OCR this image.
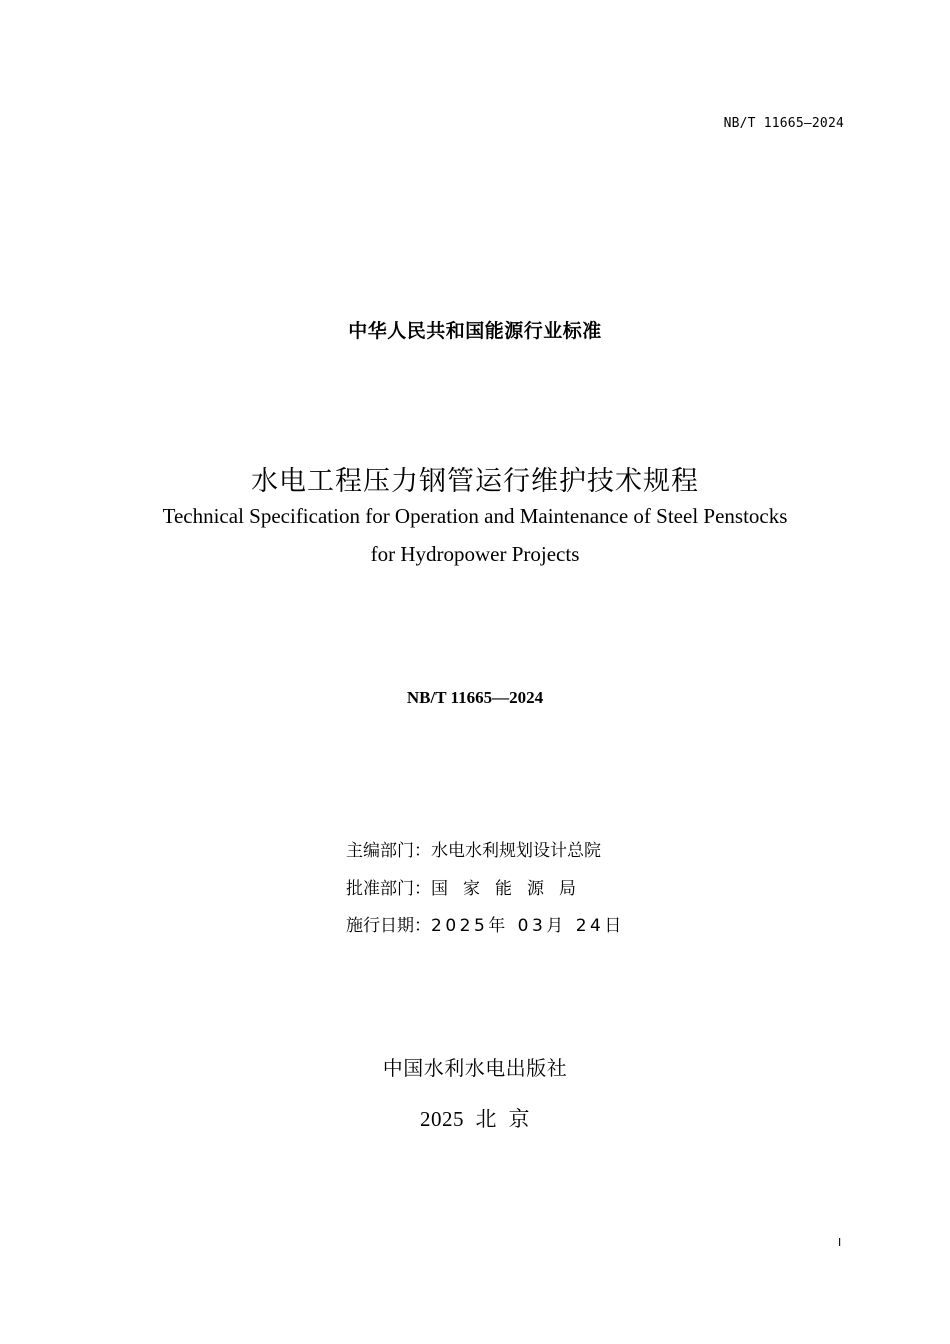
NB/T 11665—2024
中华人民共和国能源行业标准
水电工程压力钢管运行维护技术规程
Technical Specification for Operation and Maintenance of Steel Penstocks
for Hydropower Projects
NB/T 11665—2024
主编部门：水电水利规划设计总院
批准部门：国家能源局
施行日期：2025年 03月 24日
中国水利水电出版社
2025  北  京
I
